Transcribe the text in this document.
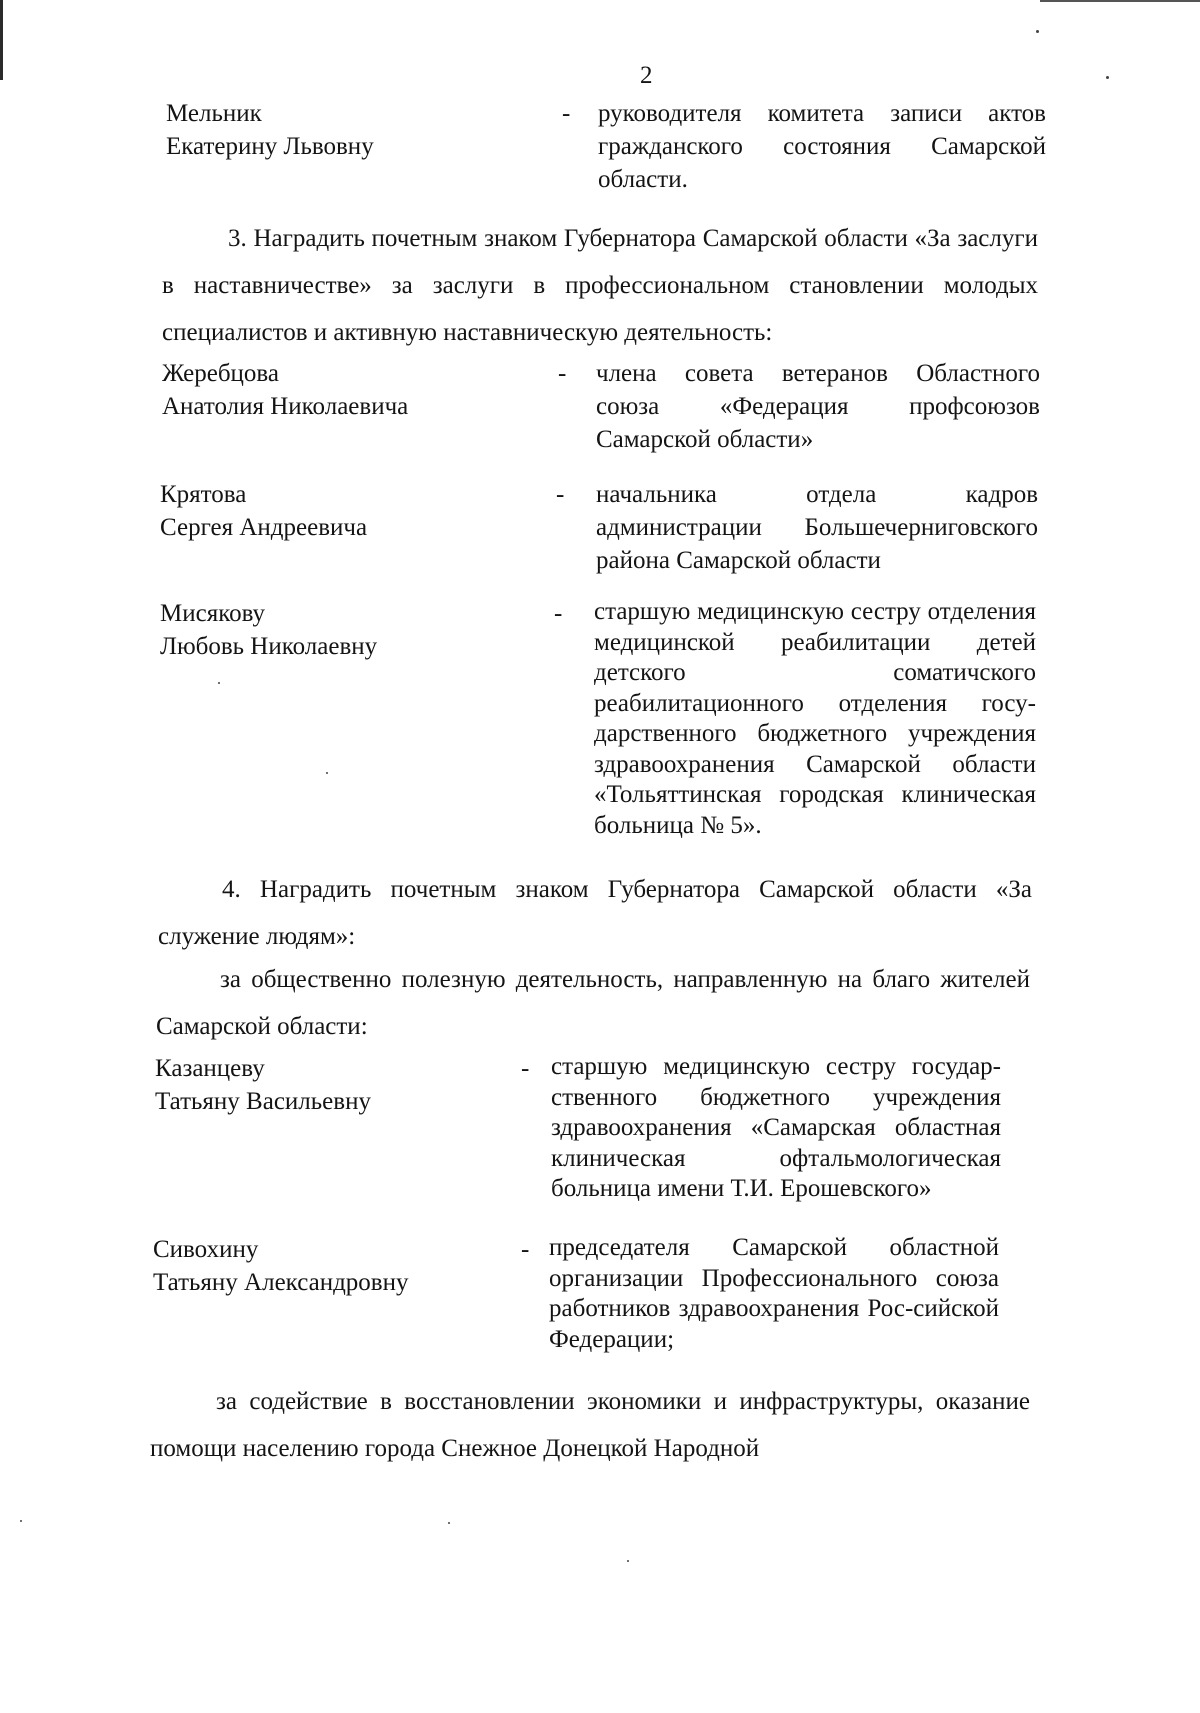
2
Мельник
Екатерину Львовну
- руководителя комитета записи актов гражданского состояния Самарской области.
3. Наградить почетным знаком Губернатора Самарской области «За заслуги в наставничестве» за заслуги в профессиональном становлении молодых специалистов и активную наставническую деятельность:
Жеребцова
Анатолия Николаевича
- члена совета ветеранов Областного союза «Федерация профсоюзов Самарской области»
Крятова
Сергея Андреевича
- начальника отдела кадров администрации Большечерниговского района Самарской области
Мисякову
Любовь Николаевну
- старшую медицинскую сестру отделения медицинской реабилитации детей детского соматичского реабилитационного отделения госу-дарственного бюджетного учреждения здравоохранения Самарской области «Тольяттинская городская клиническая больница № 5».
4. Наградить почетным знаком Губернатора Самарской области «За служение людям»:
за общественно полезную деятельность, направленную на благо жителей Самарской области:
Казанцеву
Татьяну Васильевну
- старшую медицинскую сестру государ-ственного бюджетного учреждения здравоохранения «Самарская областная клиническая офтальмологическая больница имени Т.И. Ерошевского»
Сивохину
Татьяну Александровну
- председателя Самарской областной организации Профессионального союза работников здравоохранения Рос-сийской Федерации;
за содействие в восстановлении экономики и инфраструктуры, оказание помощи населению города Снежное Донецкой Народной
